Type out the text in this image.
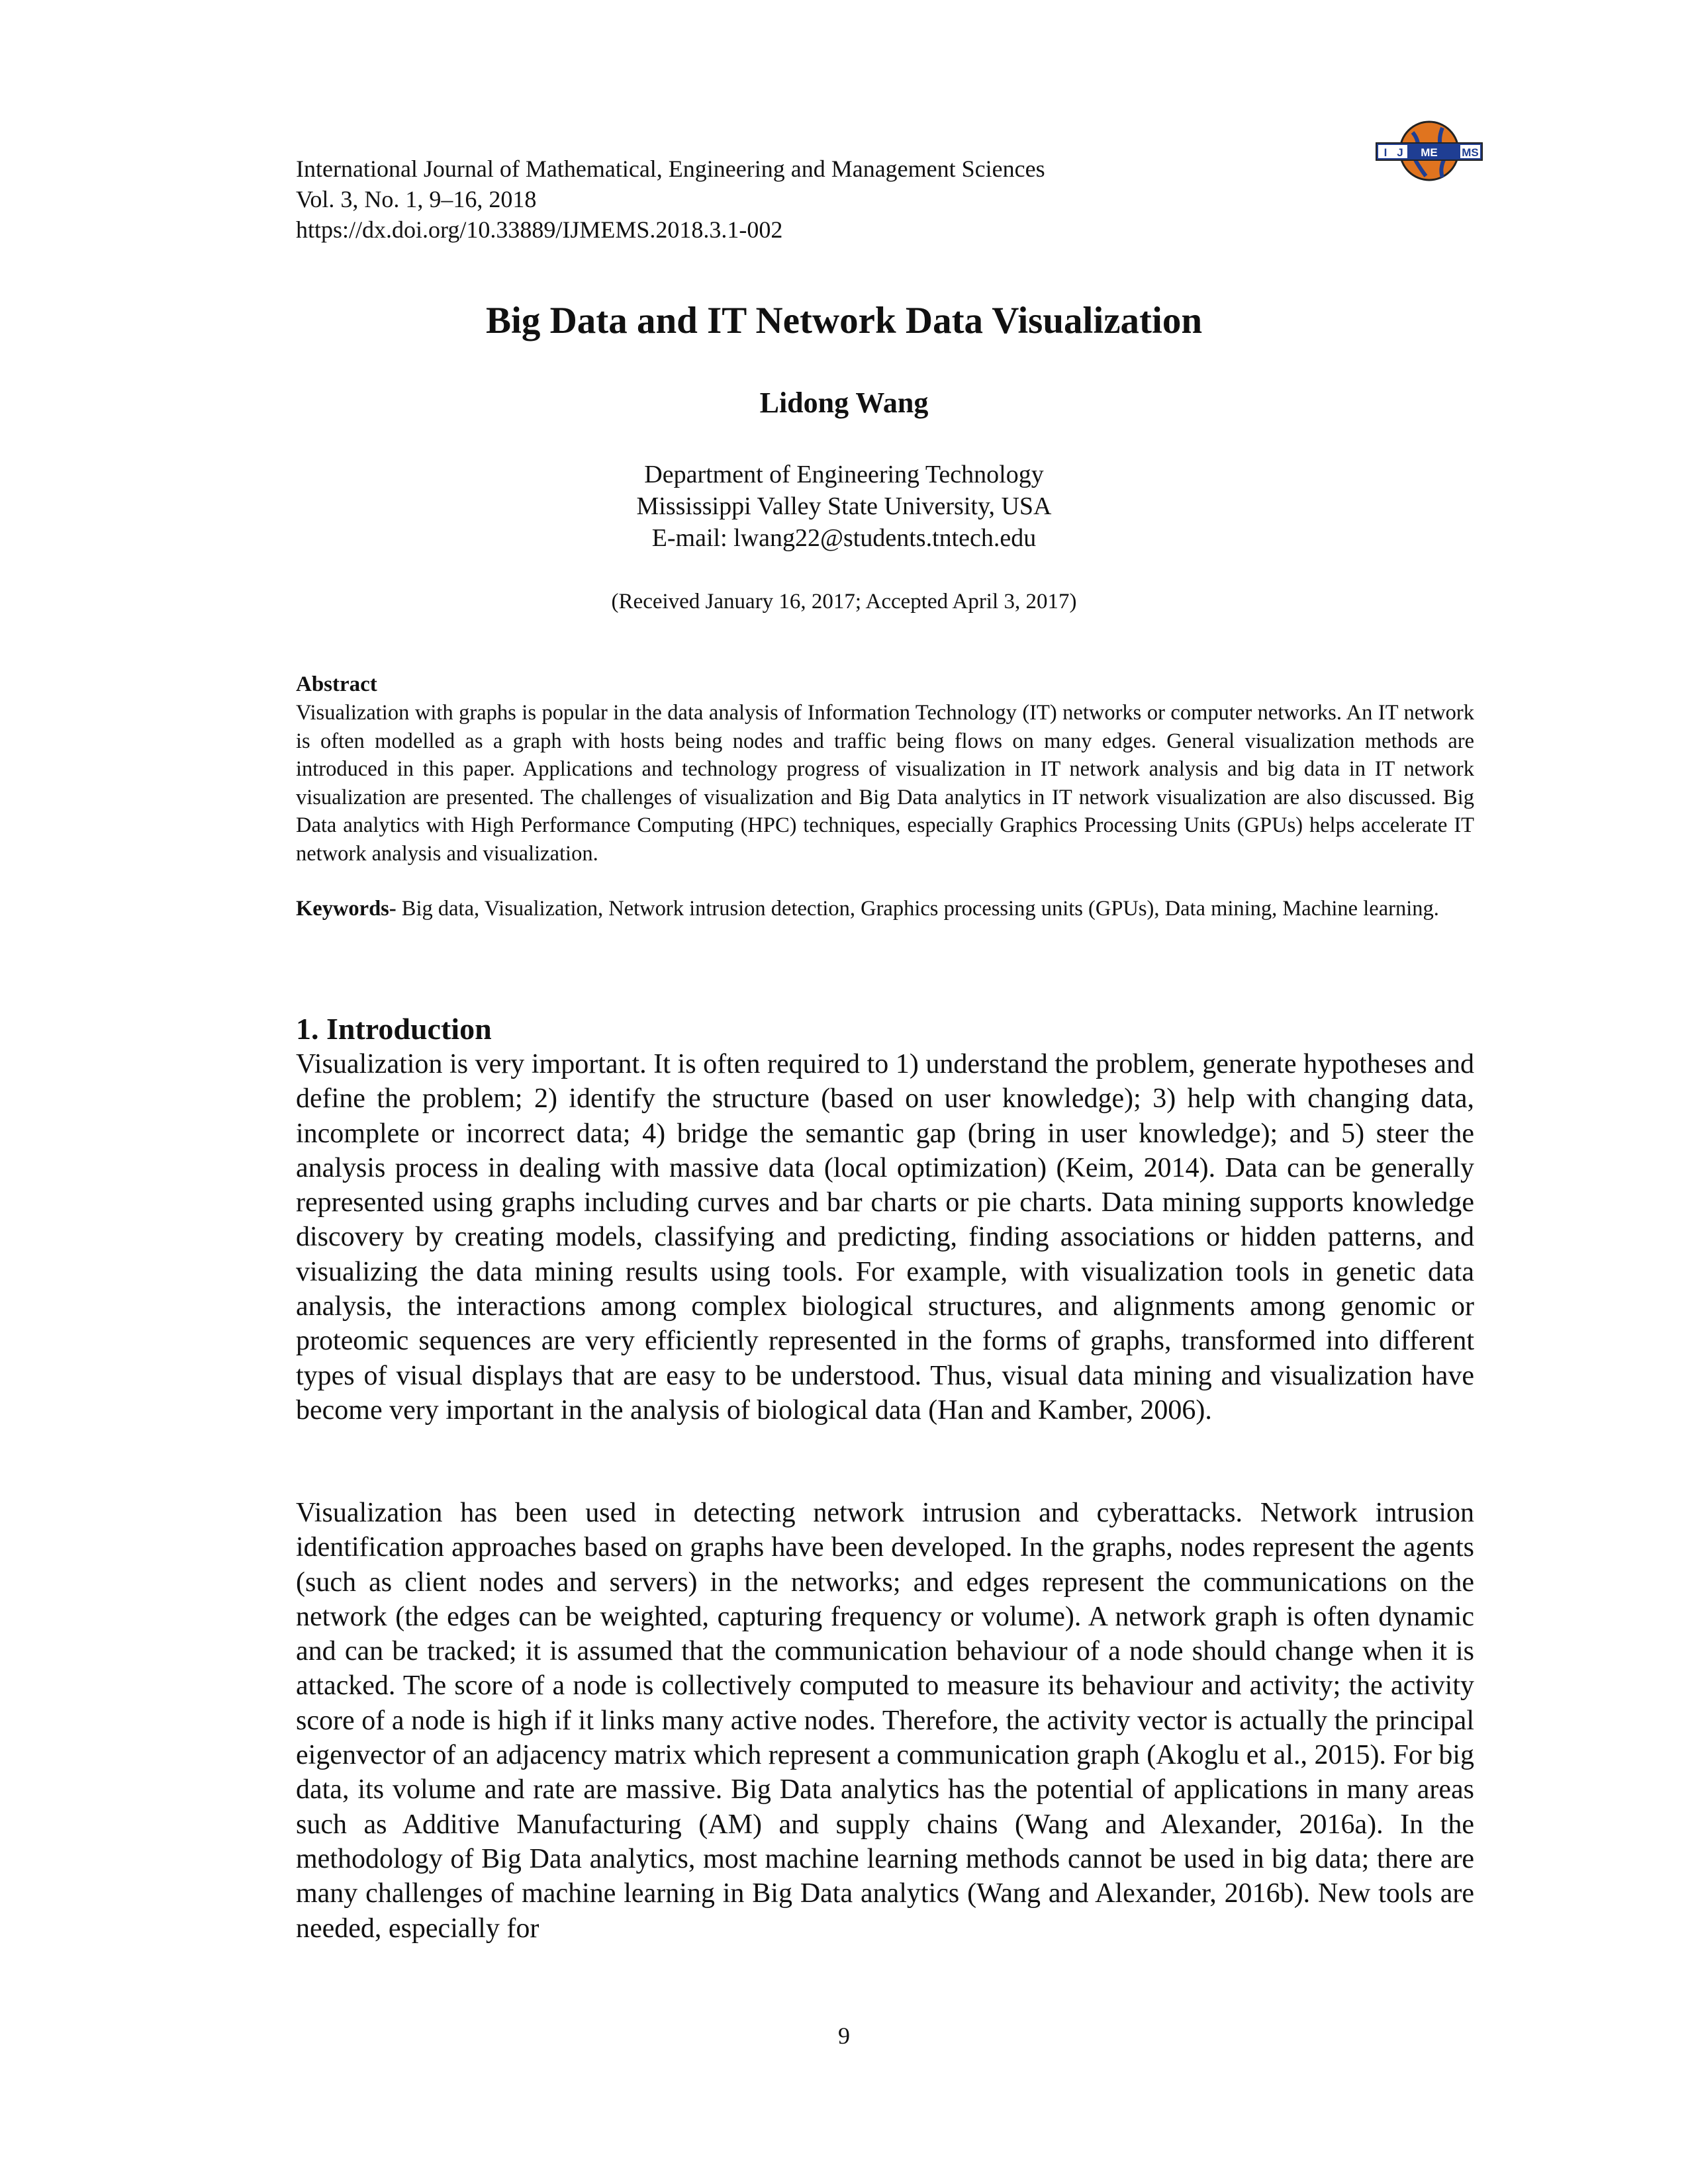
International Journal of Mathematical, Engineering and Management Sciences
Vol. 3, No. 1, 9–16, 2018
https://dx.doi.org/10.33889/IJMEMS.2018.3.1-002
I J ME MS
Big Data and IT Network Data Visualization
Lidong Wang
Department of Engineering Technology
Mississippi Valley State University, USA
E-mail: lwang22@students.tntech.edu
(Received January 16, 2017; Accepted April 3, 2017)
Abstract

Visualization with graphs is popular in the data analysis of Information Technology (IT) networks or computer networks. An IT network is often modelled as a graph with hosts being nodes and traffic being flows on many edges. General visualization methods are introduced in this paper. Applications and technology progress of visualization in IT network analysis and big data in IT network visualization are presented. The challenges of visualization and Big Data analytics in IT network visualization are also discussed. Big Data analytics with High Performance Computing (HPC) techniques, especially Graphics Processing Units (GPUs) helps accelerate IT network analysis and visualization.

Keywords- Big data, Visualization, Network intrusion detection, Graphics processing units (GPUs), Data mining, Machine learning.

1. Introduction

Visualization is very important. It is often required to 1) understand the problem, generate hypotheses and define the problem; 2) identify the structure (based on user knowledge); 3) help with changing data, incomplete or incorrect data; 4) bridge the semantic gap (bring in user knowledge); and 5) steer the analysis process in dealing with massive data (local optimization) (Keim, 2014). Data can be generally represented using graphs including curves and bar charts or pie charts. Data mining supports knowledge discovery by creating models, classifying and predicting, finding associations or hidden patterns, and visualizing the data mining results using tools. For example, with visualization tools in genetic data analysis, the interactions among complex biological structures, and alignments among genomic or proteomic sequences are very efficiently represented in the forms of graphs, transformed into different types of visual displays that are easy to be understood. Thus, visual data mining and visualization have become very important in the analysis of biological data (Han and Kamber, 2006).

Visualization has been used in detecting network intrusion and cyberattacks. Network intrusion identification approaches based on graphs have been developed. In the graphs, nodes represent the agents (such as client nodes and servers) in the networks; and edges represent the communications on the network (the edges can be weighted, capturing frequency or volume). A network graph is often dynamic and can be tracked; it is assumed that the communication behaviour of a node should change when it is attacked. The score of a node is collectively computed to measure its behaviour and activity; the activity score of a node is high if it links many active nodes. Therefore, the activity vector is actually the principal eigenvector of an adjacency matrix which represent a communication graph (Akoglu et al., 2015). For big data, its volume and rate are massive. Big Data analytics has the potential of applications in many areas such as Additive Manufacturing (AM) and supply chains (Wang and Alexander, 2016a). In the methodology of Big Data analytics, most machine learning methods cannot be used in big data; there are many challenges of machine learning in Big Data analytics (Wang and Alexander, 2016b). New tools are needed, especially for

9
